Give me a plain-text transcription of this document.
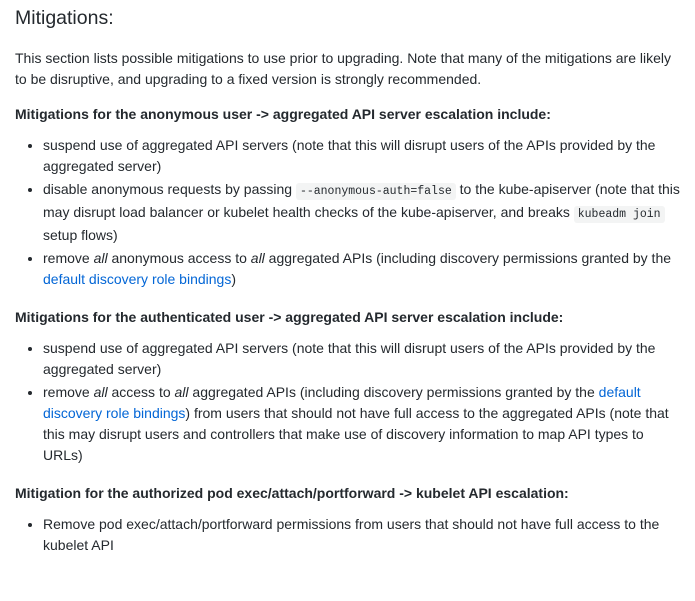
Mitigations:

This section lists possible mitigations to use prior to upgrading. Note that many of the mitigations are likely to be disruptive, and upgrading to a fixed version is strongly recommended.

Mitigations for the anonymous user -> aggregated API server escalation include:
• suspend use of aggregated API servers (note that this will disrupt users of the APIs provided by the aggregated server)
• disable anonymous requests by passing --anonymous-auth=false to the kube-apiserver (note that this may disrupt load balancer or kubelet health checks of the kube-apiserver, and breaks kubeadm join setup flows)
• remove all anonymous access to all aggregated APIs (including discovery permissions granted by the default discovery role bindings)
Mitigations for the authenticated user -> aggregated API server escalation include:
• suspend use of aggregated API servers (note that this will disrupt users of the APIs provided by the aggregated server)
• remove all access to all aggregated APIs (including discovery permissions granted by the default discovery role bindings) from users that should not have full access to the aggregated APIs (note that this may disrupt users and controllers that make use of discovery information to map API types to URLs)
Mitigation for the authorized pod exec/attach/portforward -> kubelet API escalation:
• Remove pod exec/attach/portforward permissions from users that should not have full access to the kubelet API
